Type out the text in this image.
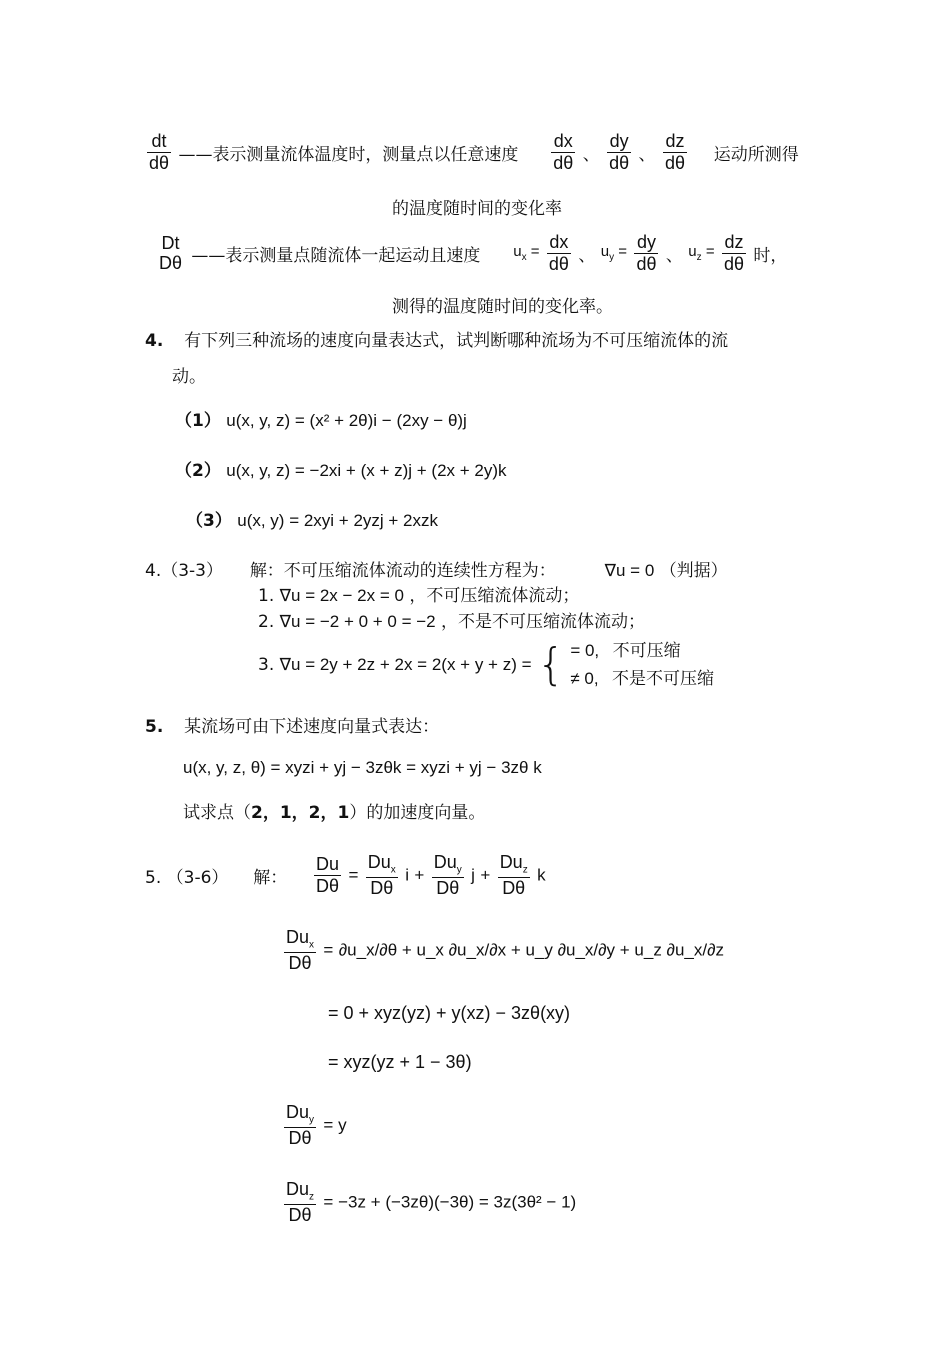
$\frac{dt}{d\theta}$ ——表示测量流体温度时，测量点以任意速度 $\frac{dx}{d\theta}$ 、 $\frac{dy}{d\theta}$ 、 $\frac{dz}{d\theta}$ 运动所测得
的温度随时间的变化率
Dt
Dθ ——表示测量点随流体一起运动且速度 $u_x = \frac{dx}{d\theta}$ 、 $u_y = \frac{dy}{d\theta}$ 、 $u_z = \frac{dz}{d\theta}$ 时，
测得的温度随时间的变化率。
4. 有下列三种流场的速度向量表达式，试判断哪种流场为不可压缩流体的流
动。
（1） u(x, y, z) = (x² + 2θ)i − (2xy − θ)j
（2） u(x, y, z) = −2xi + (x + z)j + (2x + 2y)k
（3） u(x, y) = 2xyi + 2yzj + 2xzk
4.（3-3） 解：不可压缩流体流动的连续性方程为：	∇u = 0 （判据）
1. ∇u = 2x − 2x = 0 ，不可压缩流体流动；
2. ∇u = −2 + 0 + 0 = −2 ，不是不可压缩流体流动；
3. ∇u = 2y + 2z + 2x = 2(x + y + z) = { = 0, 不可压缩
≠ 0, 不是不可压缩
5. 某流场可由下述速度向量式表达：
u(x, y, z, θ) = xyzi + yj − 3zθk = xyzi + yj − 3zθ k
试求点（2，1，2，1）的加速度向量。
5. （3-6） 解： $\frac{Du}{D\theta} = \frac{Du_x}{D\theta}$ $i + \frac{Du_y}{D\theta}$ $j + \frac{Du_z}{D\theta}$ k
$\frac{Du_x}{D\theta}$ = ∂u_x/∂θ + u_x ∂u_x/∂x + u_y ∂u_x/∂y + u_z ∂u_x/∂z
= 0 + xyz(yz) + y(xz) − 3zθ(xy)
= xyz(yz + 1 − 3θ)
$\frac{Du_y}{D\theta} = y$
$\frac{Du_z}{D\theta} = -3z + (-3z\theta)(-3\theta) = 3z(3\theta^2 - 1)$
